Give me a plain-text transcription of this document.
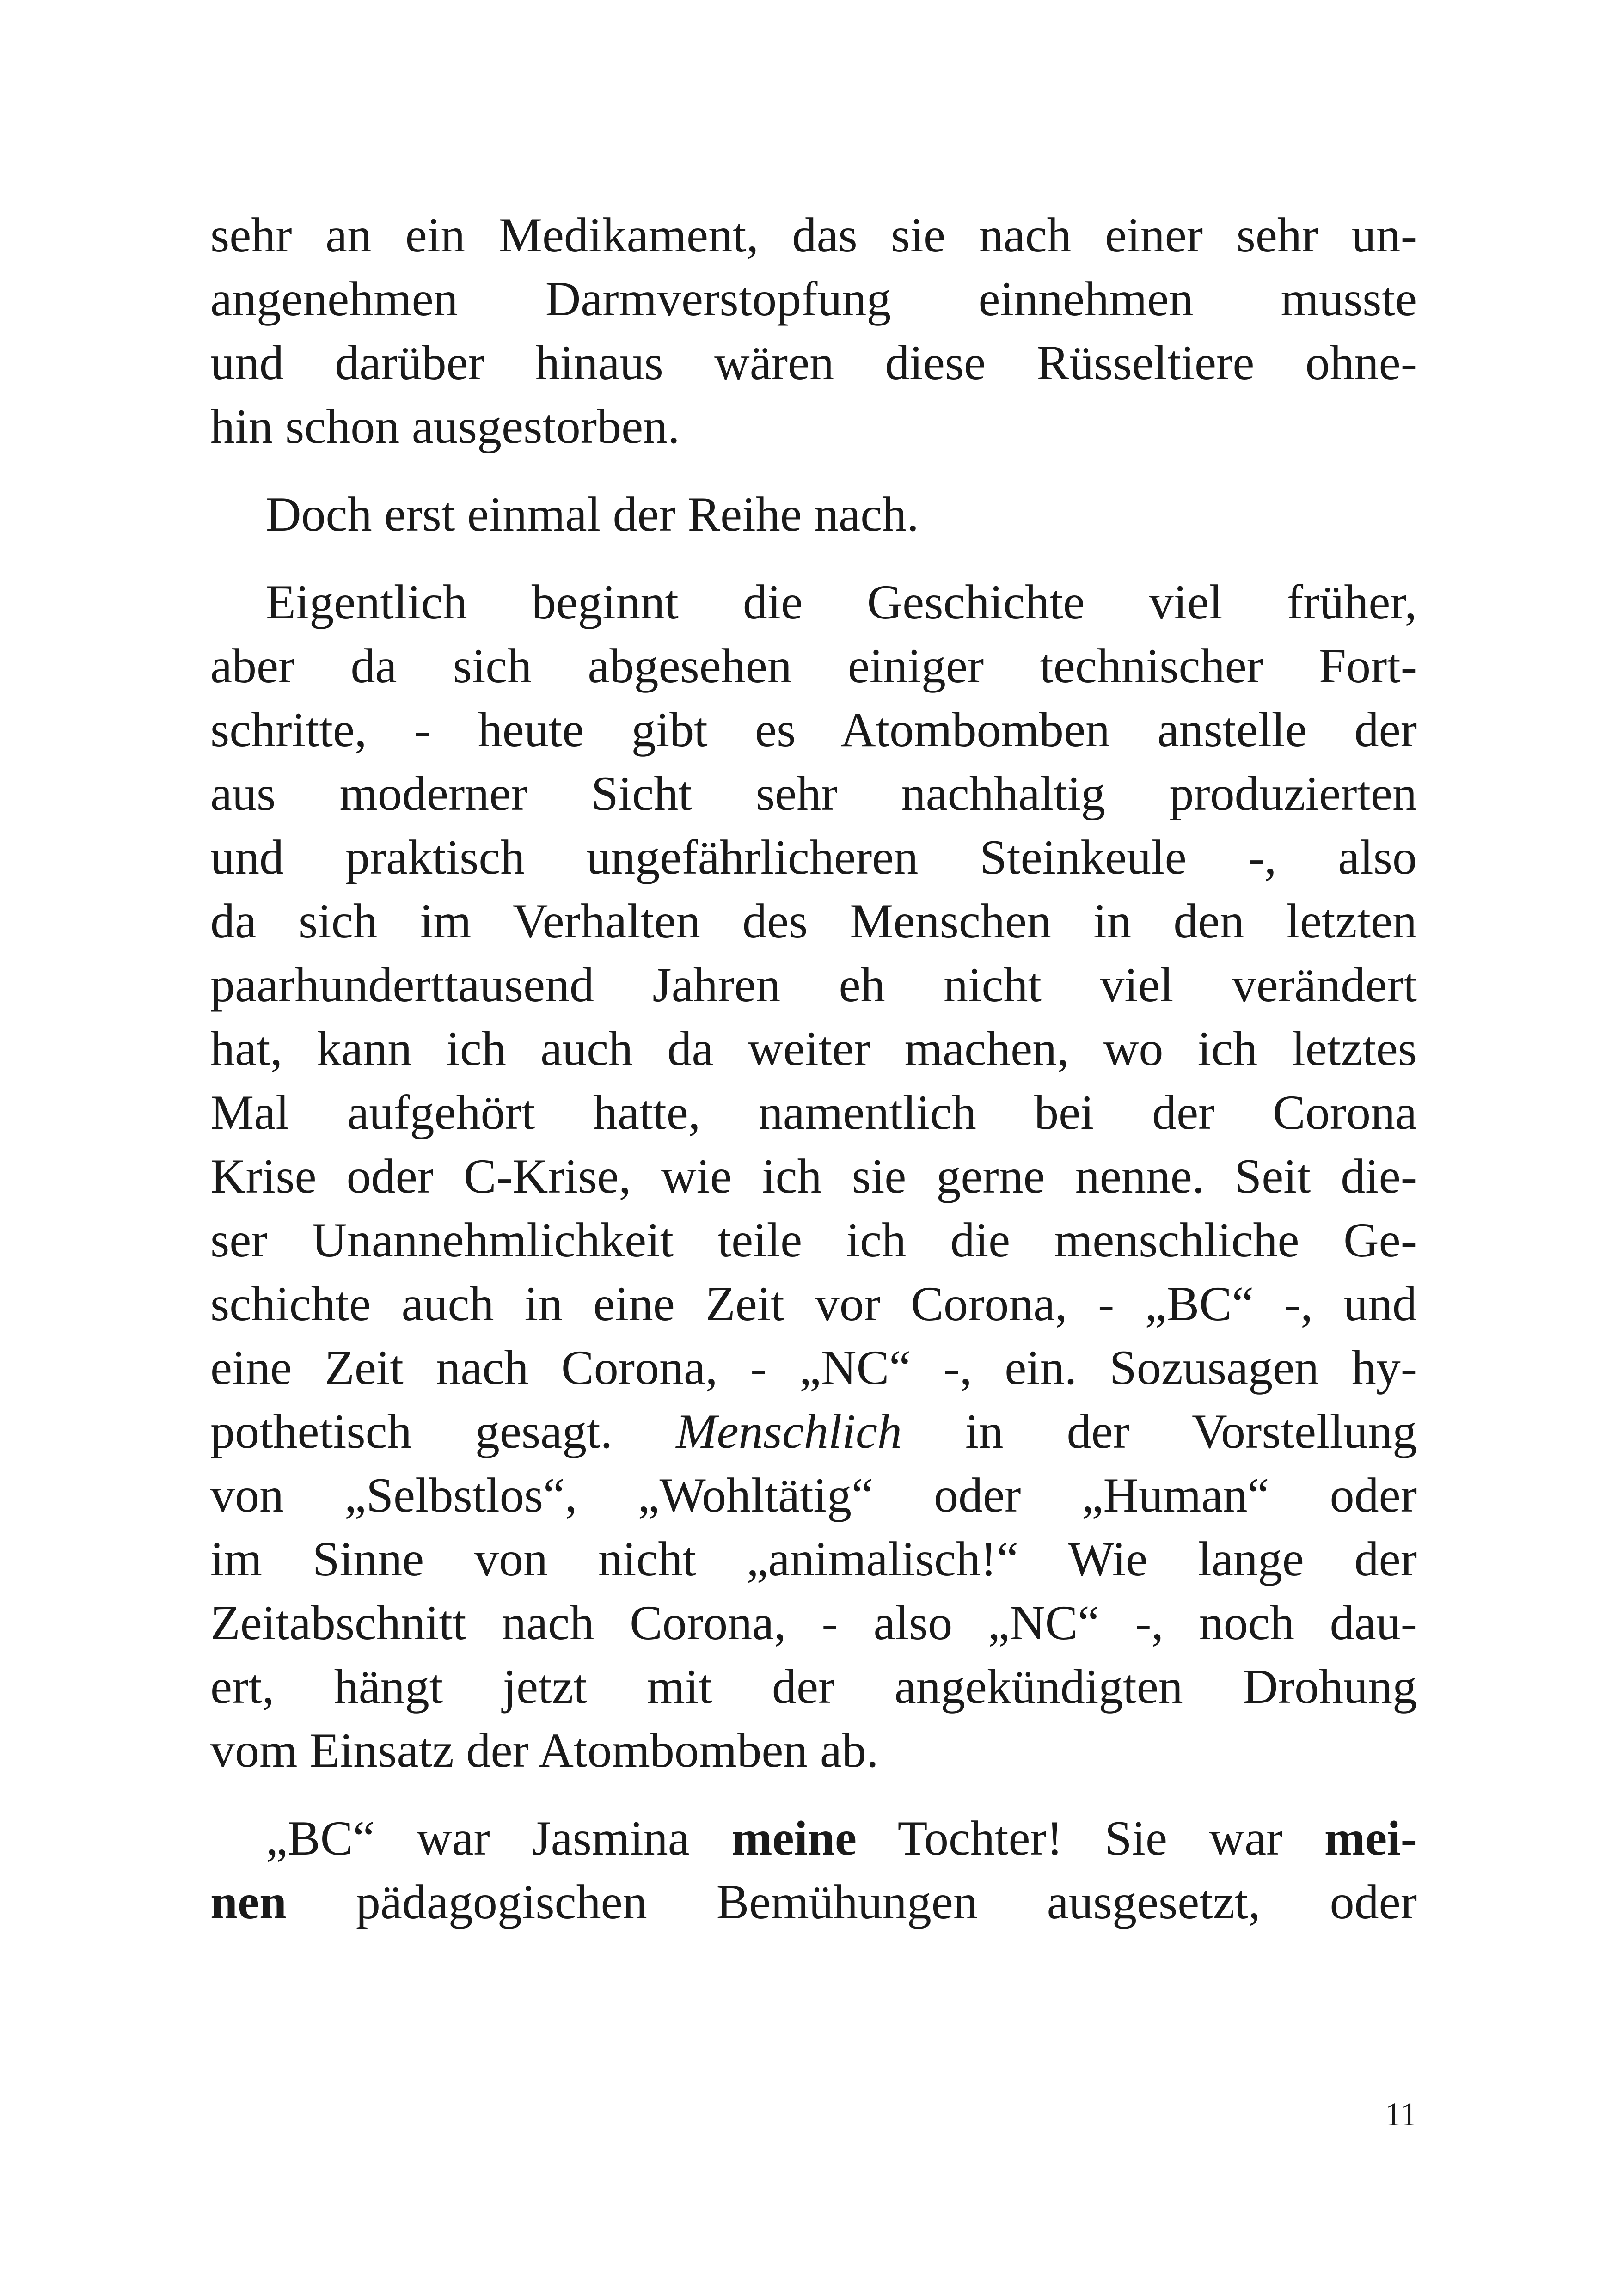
sehr an ein Medikament, das sie nach einer sehr un-
angenehmen Darmverstopfung einnehmen musste
und darüber hinaus wären diese Rüsseltiere ohne-
hin schon ausgestorben.
Doch erst einmal der Reihe nach.
Eigentlich beginnt die Geschichte viel früher,
aber da sich abgesehen einiger technischer Fort-
schritte, - heute gibt es Atombomben anstelle der
aus moderner Sicht sehr nachhaltig produzierten
und praktisch ungefährlicheren Steinkeule -, also
da sich im Verhalten des Menschen in den letzten
paarhunderttausend Jahren eh nicht viel verändert
hat, kann ich auch da weiter machen, wo ich letztes
Mal aufgehört hatte, namentlich bei der Corona
Krise oder C-Krise, wie ich sie gerne nenne. Seit die-
ser Unannehmlichkeit teile ich die menschliche Ge-
schichte auch in eine Zeit vor Corona, - „BC“ -, und
eine Zeit nach Corona, - „NC“ -, ein. Sozusagen hy-
pothetisch gesagt. Menschlich in der Vorstellung
von „Selbstlos“, „Wohltätig“ oder „Human“ oder
im Sinne von nicht „animalisch!“ Wie lange der
Zeitabschnitt nach Corona, - also „NC“ -, noch dau-
ert, hängt jetzt mit der angekündigten Drohung
vom Einsatz der Atombomben ab.
„BC“ war Jasmina meine Tochter! Sie war mei-
nen pädagogischen Bemühungen ausgesetzt, oder
11
